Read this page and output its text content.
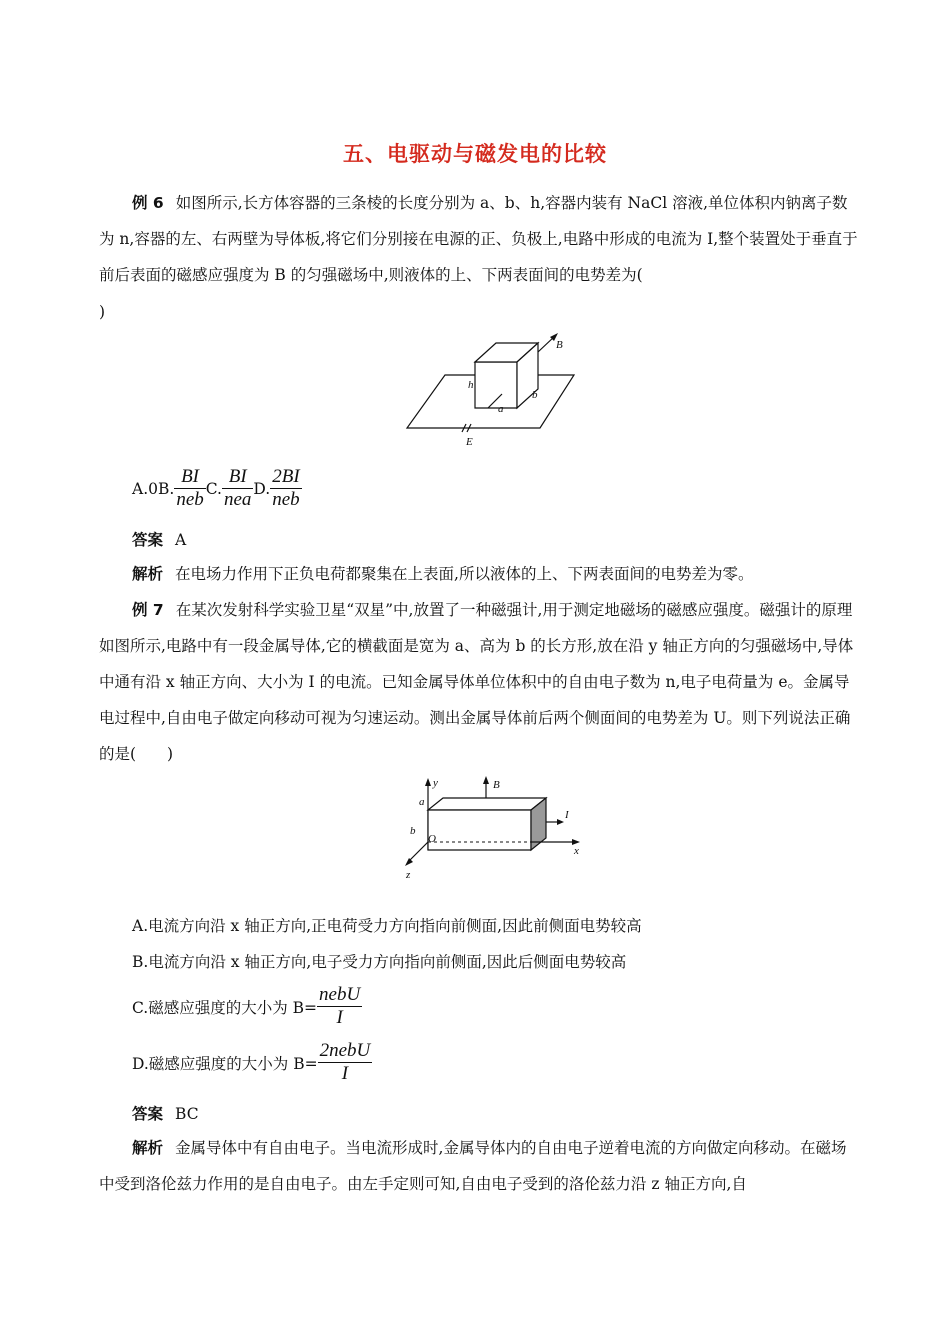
五、电驱动与磁发电的比较
例 6 如图所示,长方体容器的三条棱的长度分别为 a、b、h,容器内装有 NaCl 溶液,单位体积内钠离子数为 n,容器的左、右两壁为导体板,将它们分别接在电源的正、负极上,电路中形成的电流为 I,整个装置处于垂直于前后表面的磁感应强度为 B 的匀强磁场中,则液体的上、下两表面间的电势差为(
)
B
h
a
b
E
A.0B. $\frac{BI}{\text{neb}} C$. $\frac{BI}{\text{nea}} D$. $\frac{2BI}{\text{neb}}$
答案 A
解析 在电场力作用下正负电荷都聚集在上表面,所以液体的上、下两表面间的电势差为零。
例 7 在某次发射科学实验卫星“双星”中,放置了一种磁强计,用于测定地磁场的磁感应强度。磁强计的原理如图所示,电路中有一段金属导体,它的横截面是宽为 a、高为 b 的长方形,放在沿 y 轴正方向的匀强磁场中,导体中通有沿 x 轴正方向、大小为 I 的电流。已知金属导体单位体积中的自由电子数为 n,电子电荷量为 e。金属导电过程中,自由电子做定向移动可视为匀速运动。测出金属导体前后两个侧面间的电势差为 U。则下列说法正确的是(　　)
y	B
x
I
z
a
b
O
A.电流方向沿 x 轴正方向,正电荷受力方向指向前侧面,因此前侧面电势较高
B.电流方向沿 x 轴正方向,电子受力方向指向前侧面,因此后侧面电势较高
C.磁感应强度的大小为 $B= \frac{\text{nebU}}{I}$
D.磁感应强度的大小为 $B= \frac{\text{2nebU}}{I}$
答案 BC
解析 金属导体中有自由电子。当电流形成时,金属导体内的自由电子逆着电流的方向做定向移动。在磁场中受到洛伦兹力作用的是自由电子。由左手定则可知,自由电子受到的洛伦兹力沿 z 轴正方向,自
